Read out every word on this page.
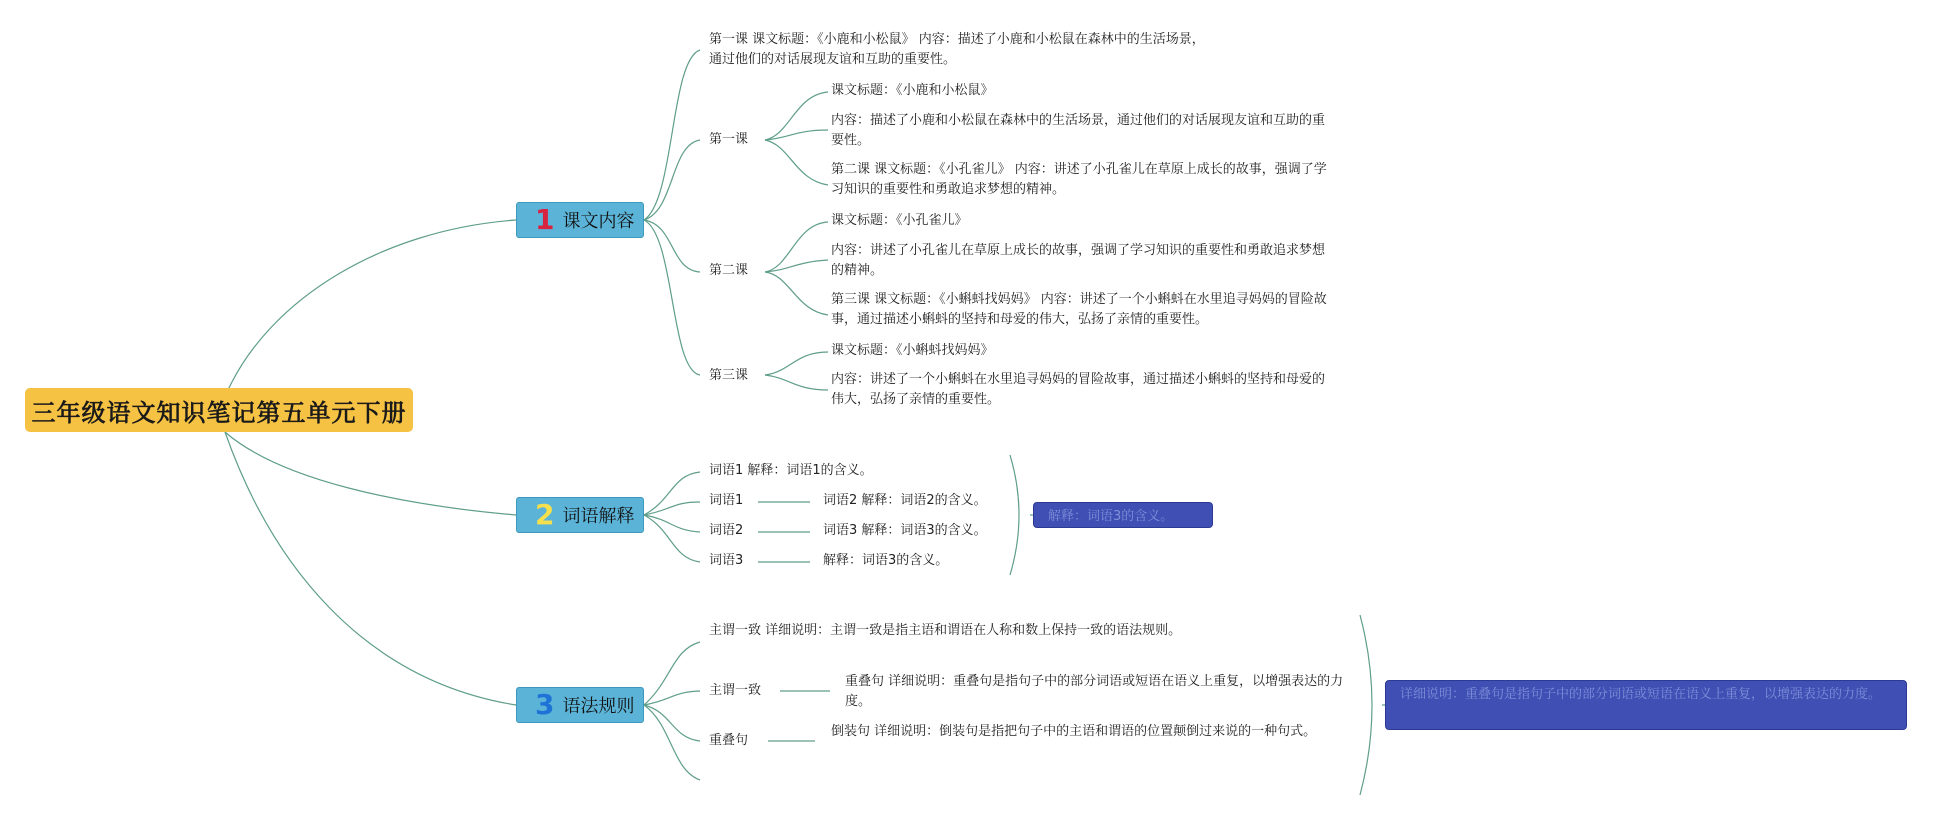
三年级语文知识笔记第五单元下册
1 课文内容
2 词语解释
3 语法规则
第一课 课文标题：《小鹿和小松鼠》 内容：描述了小鹿和小松鼠在森林中的生活场景，通过他们的对话展现友谊和互助的重要性。
第一课
课文标题：《小鹿和小松鼠》
内容：描述了小鹿和小松鼠在森林中的生活场景，通过他们的对话展现友谊和互助的重要性。
第二课 课文标题：《小孔雀儿》 内容：讲述了小孔雀儿在草原上成长的故事，强调了学习知识的重要性和勇敢追求梦想的精神。
第二课
课文标题：《小孔雀儿》
内容：讲述了小孔雀儿在草原上成长的故事，强调了学习知识的重要性和勇敢追求梦想的精神。
第三课 课文标题：《小蝌蚪找妈妈》 内容：讲述了一个小蝌蚪在水里追寻妈妈的冒险故事，通过描述小蝌蚪的坚持和母爱的伟大，弘扬了亲情的重要性。
第三课
课文标题：《小蝌蚪找妈妈》
内容：讲述了一个小蝌蚪在水里追寻妈妈的冒险故事，通过描述小蝌蚪的坚持和母爱的伟大，弘扬了亲情的重要性。
词语1 解释：词语1的含义。
词语1	词语2 解释：词语2的含义。
词语2	词语3 解释：词语3的含义。
词语3	解释：词语3的含义。
解释：词语3的含义。
主谓一致 详细说明：主谓一致是指主语和谓语在人称和数上保持一致的语法规则。
主谓一致
重叠句 详细说明：重叠句是指句子中的部分词语或短语在语义上重复，以增强表达的力度。
重叠句
倒装句 详细说明：倒装句是指把句子中的主语和谓语的位置颠倒过来说的一种句式。
详细说明：重叠句是指句子中的部分词语或短语在语义上重复，以增强表达的力度。
